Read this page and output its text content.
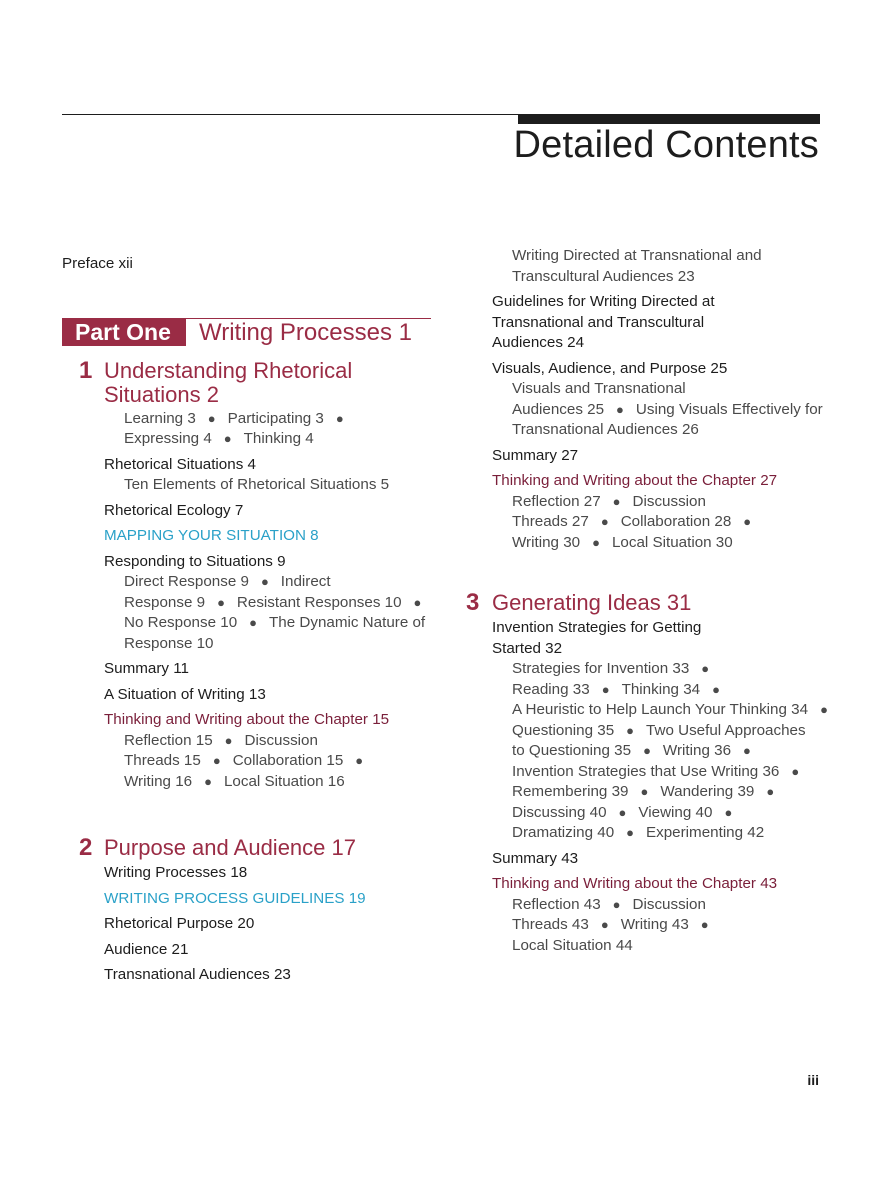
Detailed Contents
Preface xii
Part One	Writing Processes 1
1 Understanding Rhetorical
Situations 2
Learning 3 ● Participating 3 ●
Expressing 4 ● Thinking 4
Rhetorical Situations 4
Ten Elements of Rhetorical Situations 5
Rhetorical Ecology 7
MAPPING YOUR SITUATION 8
Responding to Situations 9
Direct Response 9 ● Indirect
Response 9 ● Resistant Responses 10 ●
No Response 10 ● The Dynamic Nature of
Response 10
Summary 11
A Situation of Writing 13
Thinking and Writing about the Chapter 15
Reflection 15 ● Discussion
Threads 15 ● Collaboration 15 ●
Writing 16 ● Local Situation 16
2 Purpose and Audience 17
Writing Processes 18
WRITING PROCESS GUIDELINES 19
Rhetorical Purpose 20
Audience 21
Transnational Audiences 23
Writing Directed at Transnational and
Transcultural Audiences 23
Guidelines for Writing Directed at
Transnational and Transcultural
Audiences 24
Visuals, Audience, and Purpose 25
Visuals and Transnational
Audiences 25 ● Using Visuals Effectively for
Transnational Audiences 26
Summary 27
Thinking and Writing about the Chapter 27
Reflection 27 ● Discussion
Threads 27 ● Collaboration 28 ●
Writing 30 ● Local Situation 30
3 Generating Ideas 31
Invention Strategies for Getting
Started 32
Strategies for Invention 33 ●
Reading 33 ● Thinking 34 ●
A Heuristic to Help Launch Your Thinking 34 ●
Questioning 35 ● Two Useful Approaches
to Questioning 35 ● Writing 36 ●
Invention Strategies that Use Writing 36 ●
Remembering 39 ● Wandering 39 ●
Discussing 40 ● Viewing 40 ●
Dramatizing 40 ● Experimenting 42
Summary 43
Thinking and Writing about the Chapter 43
Reflection 43 ● Discussion
Threads 43 ● Writing 43 ●
Local Situation 44
iii
